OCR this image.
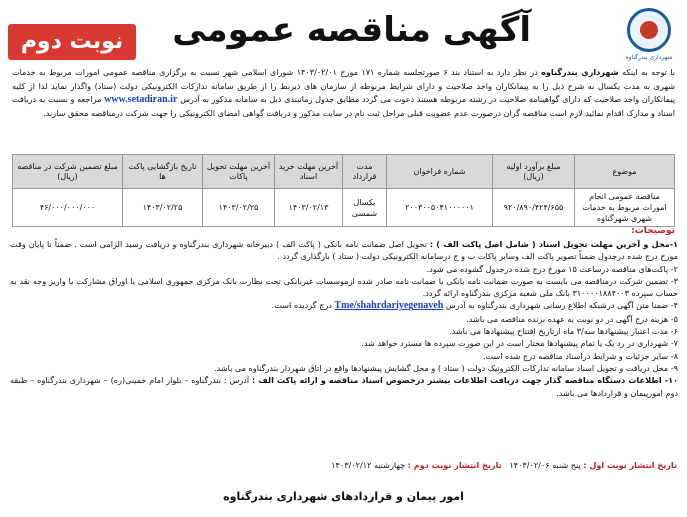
شهرداری بندرگناوه
آگهی مناقصه عمومی
نوبت دوم
با توجه به اینکه شهرداری بندرگناوه در نظر دارد به استناد بند ۶ صورتجلسه شماره ۱۷۱ مورخ ۱۴۰۳/۰۲/۰۱ شورای اسلامی شهر نسبت به برگزاری مناقصه عمومی امورات مربوط به خدمات شهری به مدت یکسال به شرح ذیل را به پیمانکاران واجد صلاحیت و دارای شرایط مربوطه از سازمان های ذیربط را از طریق سامانه تدارکات الکترونیکی دولت (ستاد) واگذار نماید لذا از کلیه پیمانکاران واجد صلاحیت که دارای گواهینامه صلاحیت در رشته مربوطه هستند دعوت می گردد مطابق جدول زمانبندی ذیل به سامانه مذکور به آدرس www.setadiran.ir مراجعه و نسبت به دریافت اسناد و مدارک اقدام نمائید لازم است مناقصه گران درصورت عدم عضویت قبلی مراحل ثبت نام در سایت مذکور و دریافت گواهی امضای الکترونیکی را جهت شرکت درمناقصه محقق سازند.
موضوع	مبلغ برآورد اولیه (ریال)	شماره فراخوان	مدت قرارداد	آخرین مهلت خرید اسناد	آخرین مهلت تحویل پاکات	تاریخ بازگشایی پاکت ها	مبلغ تضمین شرکت در مناقصه (ریال)
مناقصه عمومی انجام امورات مربوط به خدمات شهری شهرگناوه	۹۲۰/۸۹۰/۴۲۴/۶۵۵	۲۰۰۳۰۰۵۰۴۱۰۰۰۰۰۱	یکسال شمسی	۱۴۰۳/۰۲/۱۳	۱۴۰۳/۰۲/۲۵	۱۴۰۳/۰۲/۲۵	۴۶/۰۰۰/۰۰۰/۰۰۰
توضیحات:
۱-محل و آخرین مهلت تحویل اسناد ( شامل اصل پاکت الف ) : تحویل اصل ضمانت نامه بانکی ( پاکت الف ) دبیرخانه شهرداری بندرگناوه و دریافت رسید الزامی است . ضمناً تا پایان وقت مورخ درج شده درجدول ضمناً تصویر پاکت الف وسایر پاکات ب و ج درسامانه الکترونیکی دولت ( ستاد ) بارگذاری گردد .
۲- پاکت‌های مناقصه درساعت ۱۵ مورخ درج شده درجدول گشوده می شود.
۳- تضمین شرکت درمناقصه می بایست به صورت ضمانت نامه بانکی یا ضمانت نامه صادر شده ازموسسات غیربانکی تحت نظارت بانک مرکزی جمهوری اسلامی یا اوراق مشارکت یا واریز وجه نقد به حساب سپرده ۳۱۰۰۰۰۱۸۸۴۰۰۳ بانک ملی شعبه مرکزی بندرگناوه ارائه گردد.
۴- ضمنا متن آگهی درشبکه اطلاع رسانی شهرداری بندرگناوه به آدرس Tme/shahrdariyegenaveh درج گردیده است.
۵- هزینه درج آگهی در دو نوبت به عهده برنده مناقصه می باشد.
۶- مدت اعتبار پیشنهادها سه/۳ ماه ازتاریخ افتتاح پیشنهادها می باشد.
۷- شهرداری در رد یک یا تمام پیشنهادها مختار است در این صورت سپرده ها مسترد خواهد شد.
۸- سایر جزئیات و شرایط دراسناد مناقصه درج شده است.
۹- محل دریافت و تحویل اسناد سامانه تدارکات الکترونیک دولت ( ستاد ) و محل گشایش پیشنهادها واقع در اتاق شهردار بندرگناوه می باشد.
۱۰- اطلاعات دستگاه مناقصه گذار جهت دریافت اطلاعات بیشتر درخصوص اسناد مناقصه و ارائه پاکت الف : آدرس : بندرگناوه – بلوار امام خمینی(ره) – شهرداری بندرگناوه – طبقه دوم امورپیمان و قراردادها می باشد.
تاریخ انتشار نوبت اول : پنج شنبه ۱۴۰۳/۰۲/۰۶   تاریخ انتشار نوبت دوم : چهارشنبه ۱۴۰۳/۰۲/۱۲
امور پیمان و قراردادهای شهرداری بندرگناوه
